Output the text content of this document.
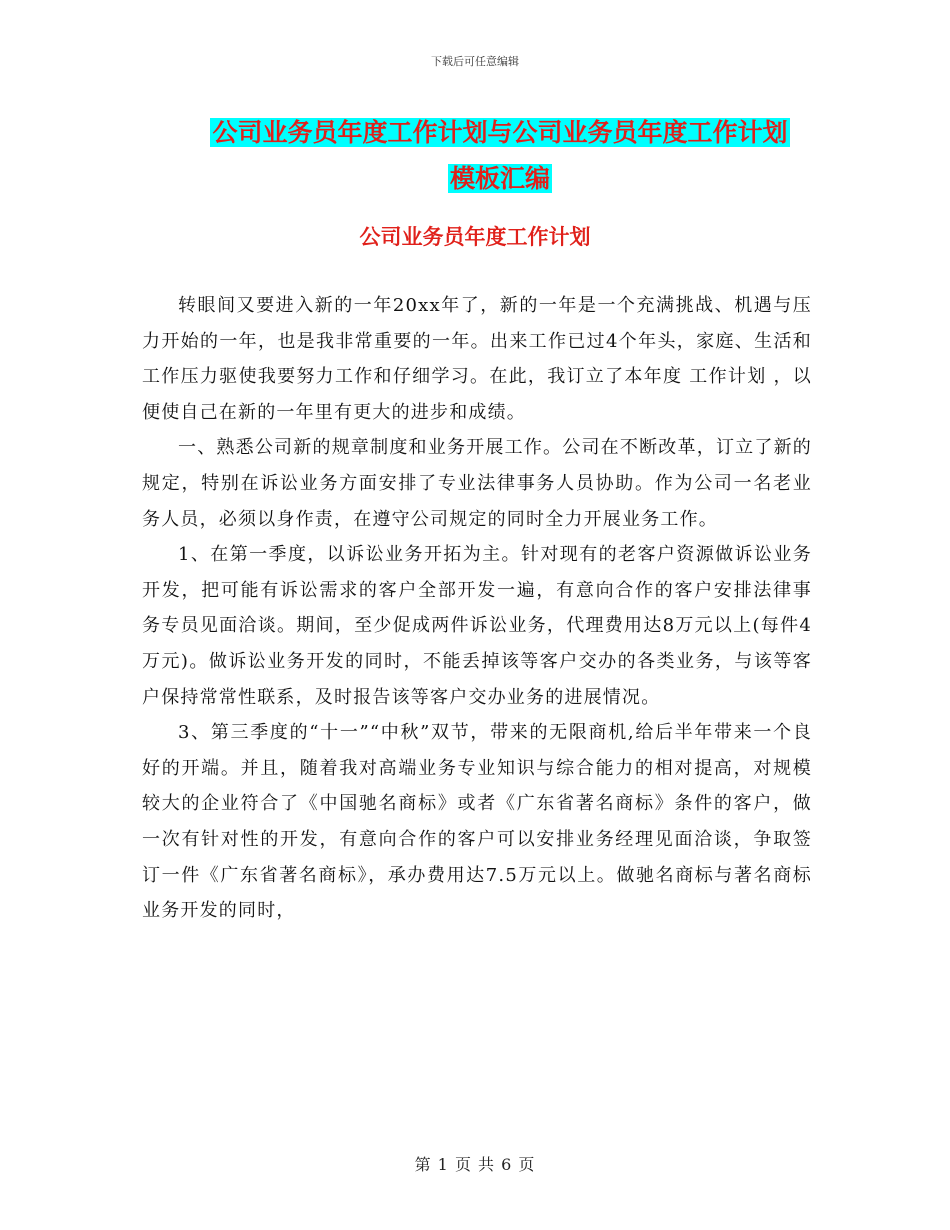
下载后可任意编辑
公司业务员年度工作计划与公司业务员年度工作计划
模板汇编
公司业务员年度工作计划

转眼间又要进入新的一年20xx年了，新的一年是一个充满挑战、机遇与压力开始的一年，也是我非常重要的一年。出来工作已过4个年头，家庭、生活和工作压力驱使我要努力工作和仔细学习。在此，我订立了本年度 工作计划 ，以便使自己在新的一年里有更大的进步和成绩。

一、熟悉公司新的规章制度和业务开展工作。公司在不断改革，订立了新的规定，特别在诉讼业务方面安排了专业法律事务人员协助。作为公司一名老业务人员，必须以身作责，在遵守公司规定的同时全力开展业务工作。

1、在第一季度，以诉讼业务开拓为主。针对现有的老客户资源做诉讼业务开发，把可能有诉讼需求的客户全部开发一遍，有意向合作的客户安排法律事务专员见面洽谈。期间，至少促成两件诉讼业务，代理费用达8万元以上(每件4万元)。做诉讼业务开发的同时，不能丢掉该等客户交办的各类业务，与该等客户保持常常性联系，及时报告该等客户交办业务的进展情况。

3、第三季度的“十一”“中秋”双节，带来的无限商机,给后半年带来一个良好的开端。并且，随着我对高端业务专业知识与综合能力的相对提高，对规模较大的企业符合了《中国驰名商标》或者《广东省著名商标》条件的客户，做一次有针对性的开发，有意向合作的客户可以安排业务经理见面洽谈，争取签订一件《广东省著名商标》，承办费用达7.5万元以上。做驰名商标与著名商标业务开发的同时，

第 1 页 共 6 页
